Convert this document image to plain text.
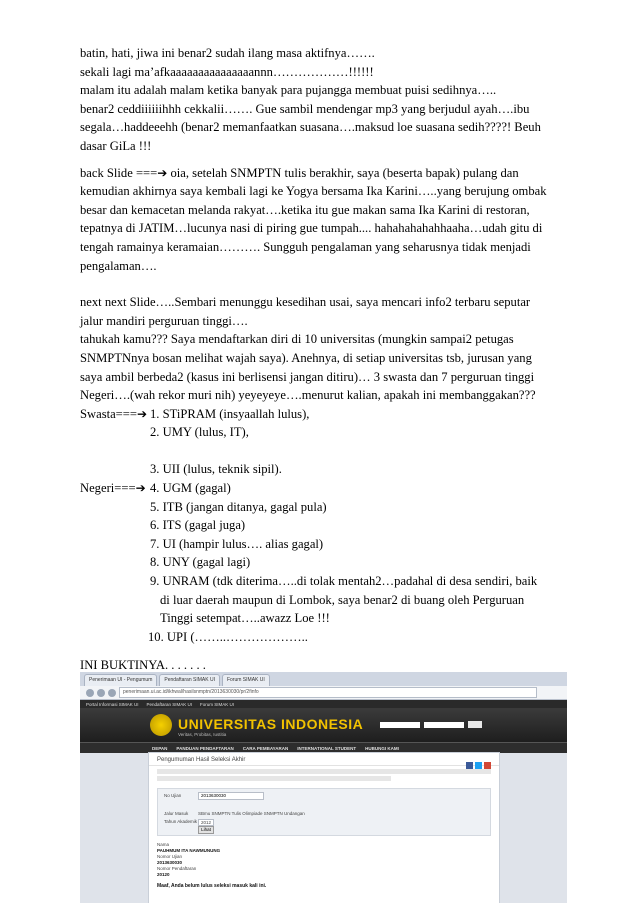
batin, hati, jiwa ini benar2 sudah ilang masa aktifnya…….

sekali lagi ma’afkaaaaaaaaaaaaaaannn………………!!!!!!

malam itu adalah malam ketika banyak para pujangga membuat puisi sedihnya…..

benar2 ceddiiiiiihhh cekkalii……. Gue sambil mendengar mp3 yang berjudul ayah….ibu

segala…haddeeehh (benar2 memanfaatkan suasana….maksud loe suasana sedih????! Beuh

dasar GiLa !!!

back Slide ===➔ oia, setelah SNMPTN tulis berakhir, saya (beserta bapak) pulang dan

kemudian akhirnya saya kembali lagi ke Yogya bersama Ika Karini…..yang berujung ombak

besar dan kemacetan melanda rakyat….ketika itu gue makan sama Ika Karini di restoran,

tepatnya di JATIM…lucunya nasi di piring gue tumpah.... hahahahahahhaaha…udah gitu di

tengah ramainya keramaian………. Sungguh pengalaman yang seharusnya tidak menjadi

pengalaman….

next next Slide…..Sembari menunggu kesedihan usai, saya mencari info2 terbaru seputar

jalur mandiri perguruan tinggi….

tahukah kamu??? Saya mendaftarkan diri di 10 universitas (mungkin sampai2 petugas

SNMPTNnya bosan melihat wajah saya). Anehnya, di setiap universitas tsb, jurusan yang

saya ambil berbeda2 (kasus ini berlisensi jangan ditiru)… 3 swasta dan 7 perguruan tinggi

Negeri….(wah rekor muri nih) yeyeyeye….menurut kalian, apakah ini membanggakan???

Swasta===➔ 1. STiPRAM (insyaallah lulus),
2. UMY (lulus, IT),
3. UII (lulus, teknik sipil).
Negeri===➔ 4. UGM (gagal)
5. ITB (jangan ditanya, gagal pula)
6. ITS (gagal juga)
7. UI (hampir lulus…. alias gagal)
8. UNY (gagal lagi)
9. UNRAM (tdk diterima…..di tolak mentah2…padahal di desa sendiri, baik
di luar daerah maupun di Lombok, saya benar2 di buang oleh Perguruan
Tinggi setempat…..awazz Loe !!!
10. UPI (……..………………..

INI BUKTINYA. . . . . . .

Penerimaan UI - Pengumum	Pendaftaran SIMAK UI	Forum SIMAK UI
penerimaan.ui.ac.id/ikhwal/hasilsnmptn/2013630030/pr/2finfo
Portal Informasi SIMAK UI Pendaftaran SIMAK UI Forum SIMAK UI
UNIVERSITAS INDONESIA
Veritas, Probitas, Iustitia
DEPAN PANDUAN PENDAFTARAN CARA PEMBAYARAN INTERNATIONAL STUDENT HUBUNGI KAMI
Pengumuman Hasil Seleksi Akhir
No Ujian	2013630030
Jalur Masuk SBmu SNMPTN Tulis Olimpiade SNMPTN Undangan
Tahun Akademik 2012
Lihat
Nama
PAUHMUM ITA NAWMUNUNG
Nomor Ujian
2013630030
Nomor Pendaftaran
20120
Maaf, Anda belum lulus seleksi masuk kali ini.
